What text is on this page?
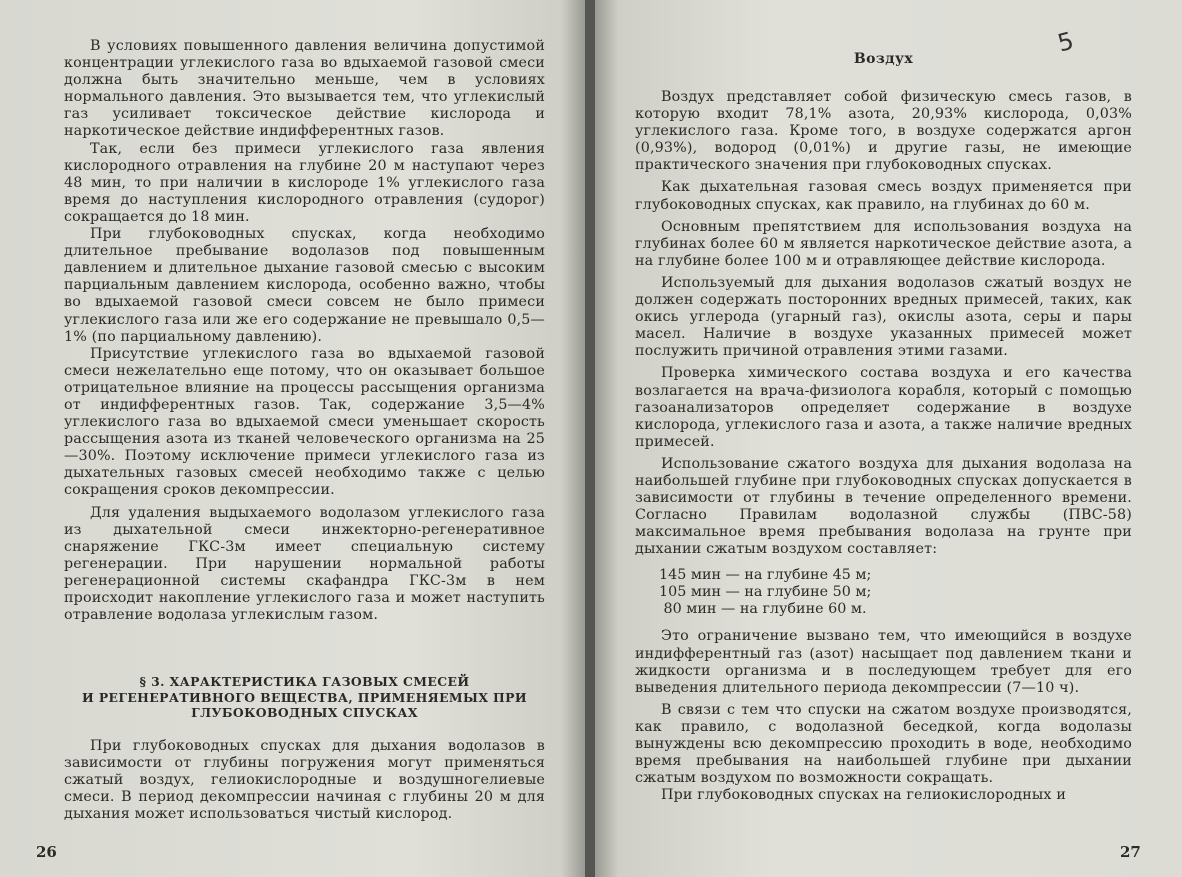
В условиях повышенного давления величина допустимой концентрации углекислого газа во вдыхаемой газовой смеси должна быть значительно меньше, чем в условиях нормального давления. Это вызывается тем, что углекислый газ усиливает токсическое действие кислорода и наркотическое действие индифферентных газов.

Так, если без примеси углекислого газа явления кислородного отравления на глубине 20 м наступают через 48 мин, то при наличии в кислороде 1% углекислого газа время до наступления кислородного отравления (судорог) сокращается до 18 мин.

При глубоководных спусках, когда необходимо длительное пребывание водолазов под повышенным давлением и длительное дыхание газовой смесью с высоким парциальным давлением кислорода, особенно важно, чтобы во вдыхаемой газовой смеси совсем не было примеси углекислого газа или же его содержание не превышало 0,5—1% (по парциальному давлению).

Присутствие углекислого газа во вдыхаемой газовой смеси нежелательно еще потому, что он оказывает большое отрицательное влияние на процессы рассыщения организма от индифферентных газов. Так, содержание 3,5—4% углекислого газа во вдыхаемой смеси уменьшает скорость рассыщения азота из тканей человеческого организма на 25—30%. Поэтому исключение примеси углекислого газа из дыхательных газовых смесей необходимо также с целью сокращения сроков декомпрессии.

Для удаления выдыхаемого водолазом углекислого газа из дыхательной смеси инжекторно-регенеративное снаряжение ГКС-3м имеет специальную систему регенерации. При нарушении нормальной работы регенерационной системы скафандра ГКС-3м в нем происходит накопление углекислого газа и может наступить отравление водолаза углекислым газом.

§ 3. ХАРАКТЕРИСТИКА ГАЗОВЫХ СМЕСЕЙ
И РЕГЕНЕРАТИВНОГО ВЕЩЕСТВА, ПРИМЕНЯЕМЫХ ПРИ
ГЛУБОКОВОДНЫХ СПУСКАХ

При глубоководных спусках для дыхания водолазов в зависимости от глубины погружения могут применяться сжатый воздух, гелиокислородные и воздушногелиевые смеси. В период декомпрессии начиная с глубины 20 м для дыхания может использоваться чистый кислород.

Воздух

Воздух представляет собой физическую смесь газов, в которую входит 78,1% азота, 20,93% кислорода, 0,03% углекислого газа. Кроме того, в воздухе содержатся аргон (0,93%), водород (0,01%) и другие газы, не имеющие практического значения при глубоководных спусках.

Как дыхательная газовая смесь воздух применяется при глубоководных спусках, как правило, на глубинах до 60 м.

Основным препятствием для использования воздуха на глубинах более 60 м является наркотическое действие азота, а на глубине более 100 м и отравляющее действие кислорода.

Используемый для дыхания водолазов сжатый воздух не должен содержать посторонних вредных примесей, таких, как окись углерода (угарный газ), окислы азота, серы и пары масел. Наличие в воздухе указанных примесей может послужить причиной отравления этими газами.

Проверка химического состава воздуха и его качества возлагается на врача-физиолога корабля, который с помощью газоанализаторов определяет содержание в воздухе кислорода, углекислого газа и азота, а также наличие вредных примесей.

Использование сжатого воздуха для дыхания водолаза на наибольшей глубине при глубоководных спусках допускается в зависимости от глубины в течение определенного времени. Согласно Правилам водолазной службы (ПВС-58) максимальное время пребывания водолаза на грунте при дыхании сжатым воздухом составляет:

145 мин — на глубине 45 м;
105 мин — на глубине 50 м;
80 мин — на глубине 60 м.

Это ограничение вызвано тем, что имеющийся в воздухе индифферентный газ (азот) насыщает под давлением ткани и жидкости организма и в последующем требует для его выведения длительного периода декомпрессии (7—10 ч).

В связи с тем что спуски на сжатом воздухе производятся, как правило, с водолазной беседкой, когда водолазы вынуждены всю декомпрессию проходить в воде, необходимо время пребывания на наибольшей глубине при дыхании сжатым воздухом по возможности сокращать.

При глубоководных спусках на гелиокислородных и

5
26	27
